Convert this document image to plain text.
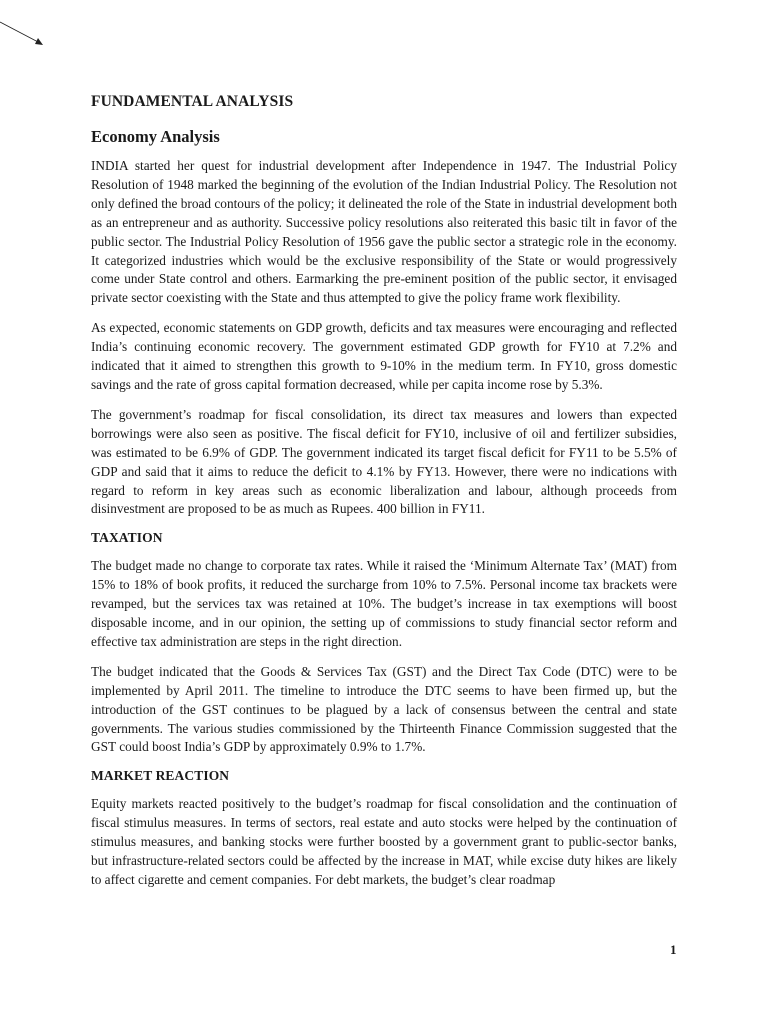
FUNDAMENTAL ANALYSIS
Economy Analysis

INDIA started her quest for industrial development after Independence in 1947. The Industrial Policy Resolution of 1948 marked the beginning of the evolution of the Indian Industrial Policy. The Resolution not only defined the broad contours of the policy; it delineated the role of the State in industrial development both as an entrepreneur and as authority. Successive policy resolutions also reiterated this basic tilt in favor of the public sector. The Industrial Policy Resolution of 1956 gave the public sector a strategic role in the economy. It categorized industries which would be the exclusive responsibility of the State or would progressively come under State control and others. Earmarking the pre-eminent position of the public sector, it envisaged private sector coexisting with the State and thus attempted to give the policy frame work flexibility.

As expected, economic statements on GDP growth, deficits and tax measures were encouraging and reflected India’s continuing economic recovery. The government estimated GDP growth for FY10 at 7.2% and indicated that it aimed to strengthen this growth to 9-10% in the medium term. In FY10, gross domestic savings and the rate of gross capital formation decreased, while per capita income rose by 5.3%.

The government’s roadmap for fiscal consolidation, its direct tax measures and lowers than expected borrowings were also seen as positive. The fiscal deficit for FY10, inclusive of oil and fertilizer subsidies, was estimated to be 6.9% of GDP. The government indicated its target fiscal deficit for FY11 to be 5.5% of GDP and said that it aims to reduce the deficit to 4.1% by FY13. However, there were no indications with regard to reform in key areas such as economic liberalization and labour, although proceeds from disinvestment are proposed to be as much as Rupees. 400 billion in FY11.

TAXATION

The budget made no change to corporate tax rates. While it raised the ‘Minimum Alternate Tax’ (MAT) from 15% to 18% of book profits, it reduced the surcharge from 10% to 7.5%. Personal income tax brackets were revamped, but the services tax was retained at 10%. The budget’s increase in tax exemptions will boost disposable income, and in our opinion, the setting up of commissions to study financial sector reform and effective tax administration are steps in the right direction.

The budget indicated that the Goods & Services Tax (GST) and the Direct Tax Code (DTC) were to be implemented by April 2011. The timeline to introduce the DTC seems to have been firmed up, but the introduction of the GST continues to be plagued by a lack of consensus between the central and state governments. The various studies commissioned by the Thirteenth Finance Commission suggested that the GST could boost India’s GDP by approximately 0.9% to 1.7%.

MARKET REACTION

Equity markets reacted positively to the budget’s roadmap for fiscal consolidation and the continuation of fiscal stimulus measures. In terms of sectors, real estate and auto stocks were helped by the continuation of stimulus measures, and banking stocks were further boosted by a government grant to public-sector banks, but infrastructure-related sectors could be affected by the increase in MAT, while excise duty hikes are likely to affect cigarette and cement companies. For debt markets, the budget’s clear roadmap

1
